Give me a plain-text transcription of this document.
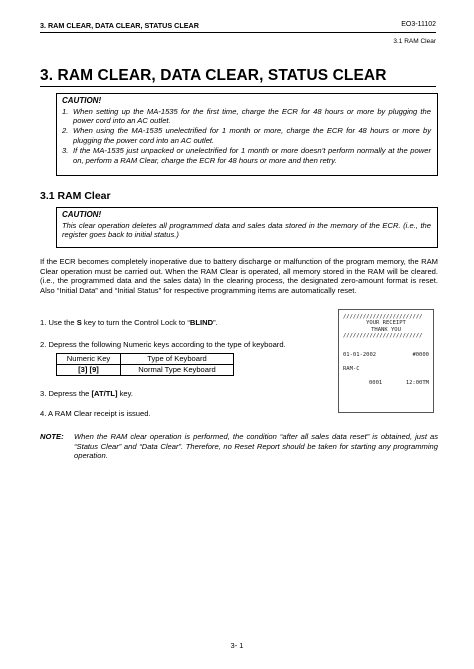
3. RAM CLEAR, DATA CLEAR, STATUS CLEAR	EO3-11102
3.1 RAM Clear
3. RAM CLEAR, DATA CLEAR, STATUS CLEAR
CAUTION!
1. When setting up the MA-1535 for the first time, charge the ECR for 48 hours or more by plugging the power cord into an AC outlet.
2. When using the MA-1535 unelectrified for 1 month or more, charge the ECR for 48 hours or more by plugging the power cord into an AC outlet.
3. If the MA-1535 just unpacked or unelectrified for 1 month or more doesn’t perform normally at the power on, perform a RAM Clear, charge the ECR for 48 hours or more and then retry.
3.1 RAM Clear
CAUTION!
This clear operation deletes all programmed data and sales data stored in the memory of the ECR. (i.e., the register goes back to initial status.)
If the ECR becomes completely inoperative due to battery discharge or malfunction of the program memory, the RAM Clear operation must be carried out. When the RAM Clear is operated, all memory stored in the RAM will be cleared. (i.e., the programmed data and the sales data) In the clearing process, the designated zero-amount format is reset. Also “Initial Data” and “Initial Status” for respective programming items are automatically reset.
1. Use the S key to turn the Control Lock to “BLIND”.
2. Depress the following Numeric keys according to the type of keyboard.
Numeric Key	Type of Keyboard
[3] [9]	Normal Type Keyboard
3. Depress the [AT/TL] key.
4. A RAM Clear receipt is issued.
////////////////////////
YOUR RECEIPT
THANK YOU
////////////////////////
01-01-2002	#0000
RAM-C
0001	12:00TM
NOTE:	When the RAM clear operation is performed, the condition “after all sales data reset” is obtained, just as “Status Clear” and “Data Clear”. Therefore, no Reset Report should be taken for starting any programming operation.
3- 1
